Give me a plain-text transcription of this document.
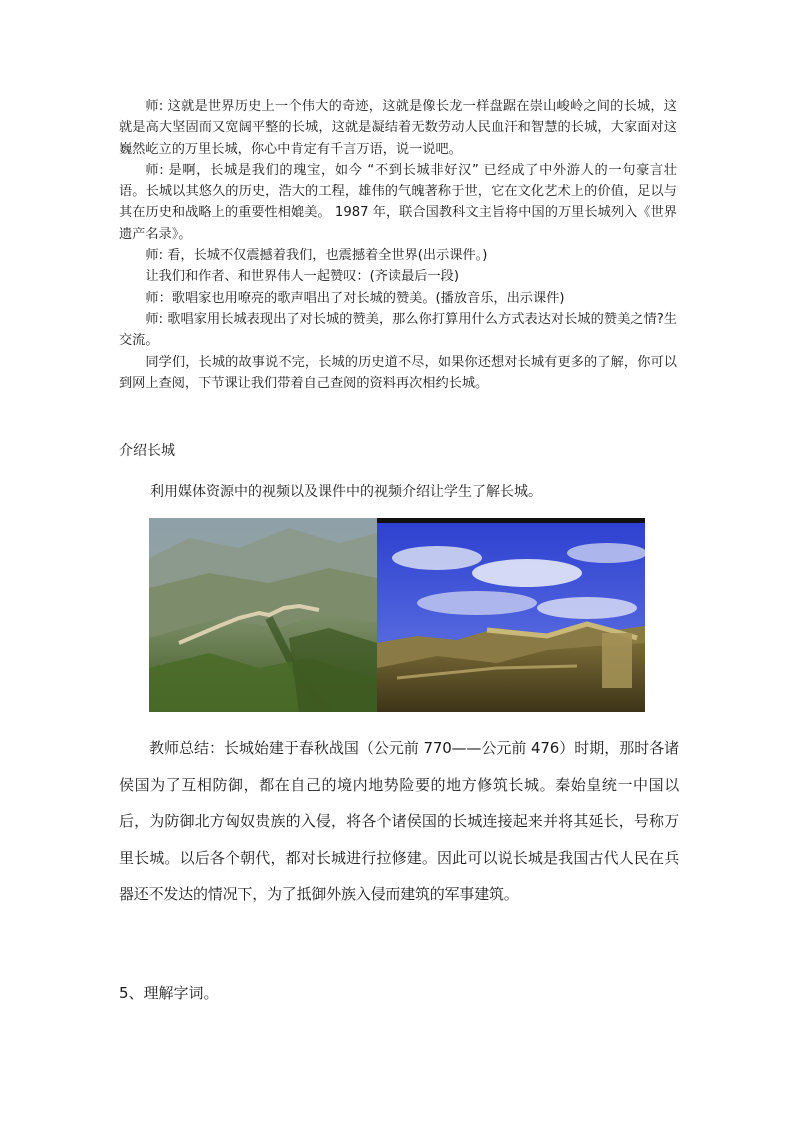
师: 这就是世界历史上一个伟大的奇迹，这就是像长龙一样盘踞在崇山峻岭之间的长城，这就是高大坚固而又宽阔平整的长城，这就是凝结着无数劳动人民血汗和智慧的长城，大家面对这巍然屹立的万里长城，你心中肯定有千言万语，说一说吧。

师: 是啊，长城是我们的瑰宝，如今 “不到长城非好汉” 已经成了中外游人的一句豪言壮语。长城以其悠久的历史，浩大的工程，雄伟的气魄著称于世，它在文化艺术上的价值，足以与其在历史和战略上的重要性相媲美。 1987 年，联合国教科文主旨将中国的万里长城列入《世界遗产名录》。

师: 看，长城不仅震撼着我们，也震撼着全世界(出示课件。)

让我们和作者、和世界伟人一起赞叹：(齐读最后一段)

师：歌唱家也用嘹亮的歌声唱出了对长城的赞美。(播放音乐，出示课件)

师: 歌唱家用长城表现出了对长城的赞美，那么你打算用什么方式表达对长城的赞美之情?生交流。

同学们，长城的故事说不完，长城的历史道不尽，如果你还想对长城有更多的了解，你可以到网上查阅，下节课让我们带着自己查阅的资料再次相约长城。

介绍长城
利用媒体资源中的视频以及课件中的视频介绍让学生了解长城。

教师总结：长城始建于春秋战国（公元前 770——公元前 476）时期，那时各诸侯国为了互相防御，都在自己的境内地势险要的地方修筑长城。秦始皇统一中国以后，为防御北方匈奴贵族的入侵，将各个诸侯国的长城连接起来并将其延长，号称万里长城。以后各个朝代，都对长城进行拉修建。因此可以说长城是我国古代人民在兵器还不发达的情况下，为了抵御外族入侵而建筑的军事建筑。

5、理解字词。
